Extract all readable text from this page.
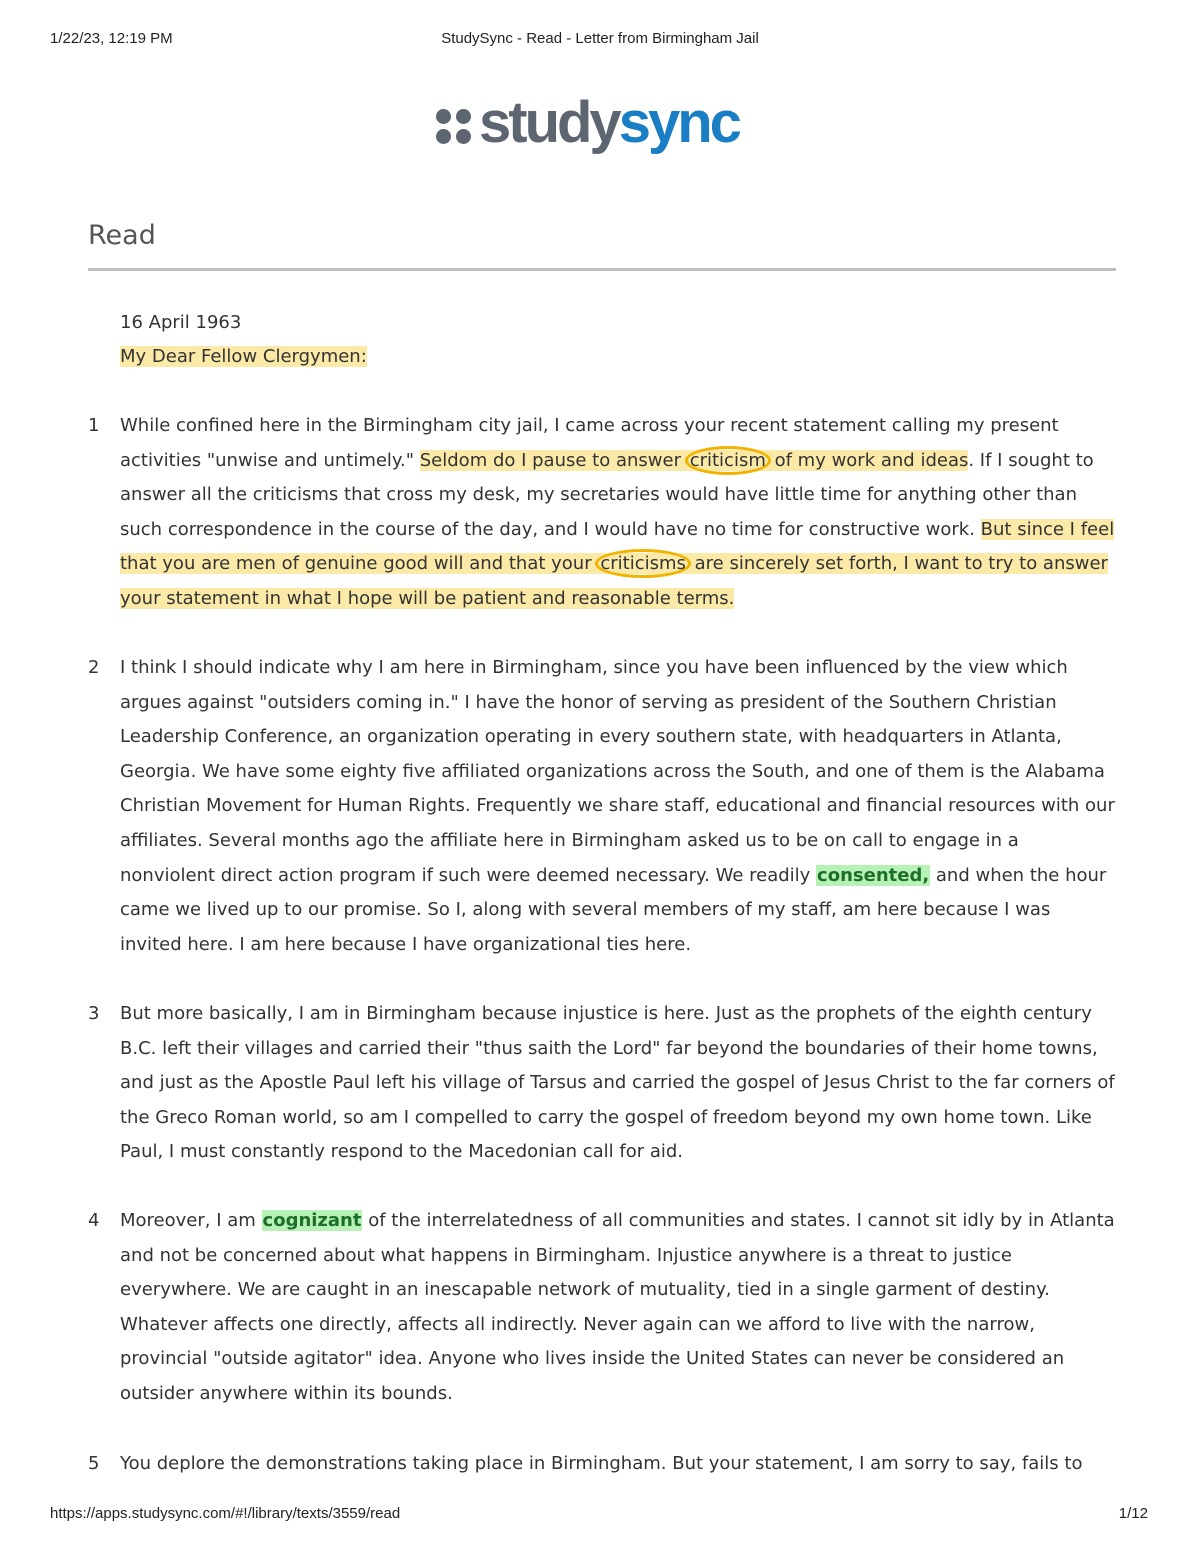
1/22/23, 12:19 PM	StudySync - Read - Letter from Birmingham Jail
studysync
Read

16 April 1963

My Dear Fellow Clergymen:

1 While confined here in the Birmingham city jail, I came across your recent statement calling my present activities "unwise and untimely." Seldom do I pause to answer criticism of my work and ideas. If I sought to answer all the criticisms that cross my desk, my secretaries would have little time for anything other than such correspondence in the course of the day, and I would have no time for constructive work. But since I feel that you are men of genuine good will and that your criticisms are sincerely set forth, I want to try to answer your statement in what I hope will be patient and reasonable terms.

2 I think I should indicate why I am here in Birmingham, since you have been influenced by the view which argues against "outsiders coming in." I have the honor of serving as president of the Southern Christian Leadership Conference, an organization operating in every southern state, with headquarters in Atlanta, Georgia. We have some eighty five affiliated organizations across the South, and one of them is the Alabama Christian Movement for Human Rights. Frequently we share staff, educational and financial resources with our affiliates. Several months ago the affiliate here in Birmingham asked us to be on call to engage in a nonviolent direct action program if such were deemed necessary. We readily consented, and when the hour came we lived up to our promise. So I, along with several members of my staff, am here because I was invited here. I am here because I have organizational ties here.

3 But more basically, I am in Birmingham because injustice is here. Just as the prophets of the eighth century B.C. left their villages and carried their "thus saith the Lord" far beyond the boundaries of their home towns, and just as the Apostle Paul left his village of Tarsus and carried the gospel of Jesus Christ to the far corners of the Greco Roman world, so am I compelled to carry the gospel of freedom beyond my own home town. Like Paul, I must constantly respond to the Macedonian call for aid.

4 Moreover, I am cognizant of the interrelatedness of all communities and states. I cannot sit idly by in Atlanta and not be concerned about what happens in Birmingham. Injustice anywhere is a threat to justice everywhere. We are caught in an inescapable network of mutuality, tied in a single garment of destiny. Whatever affects one directly, affects all indirectly. Never again can we afford to live with the narrow, provincial "outside agitator" idea. Anyone who lives inside the United States can never be considered an outsider anywhere within its bounds.

5 You deplore the demonstrations taking place in Birmingham. But your statement, I am sorry to say, fails to

https://apps.studysync.com/#!/library/texts/3559/read	1/12
